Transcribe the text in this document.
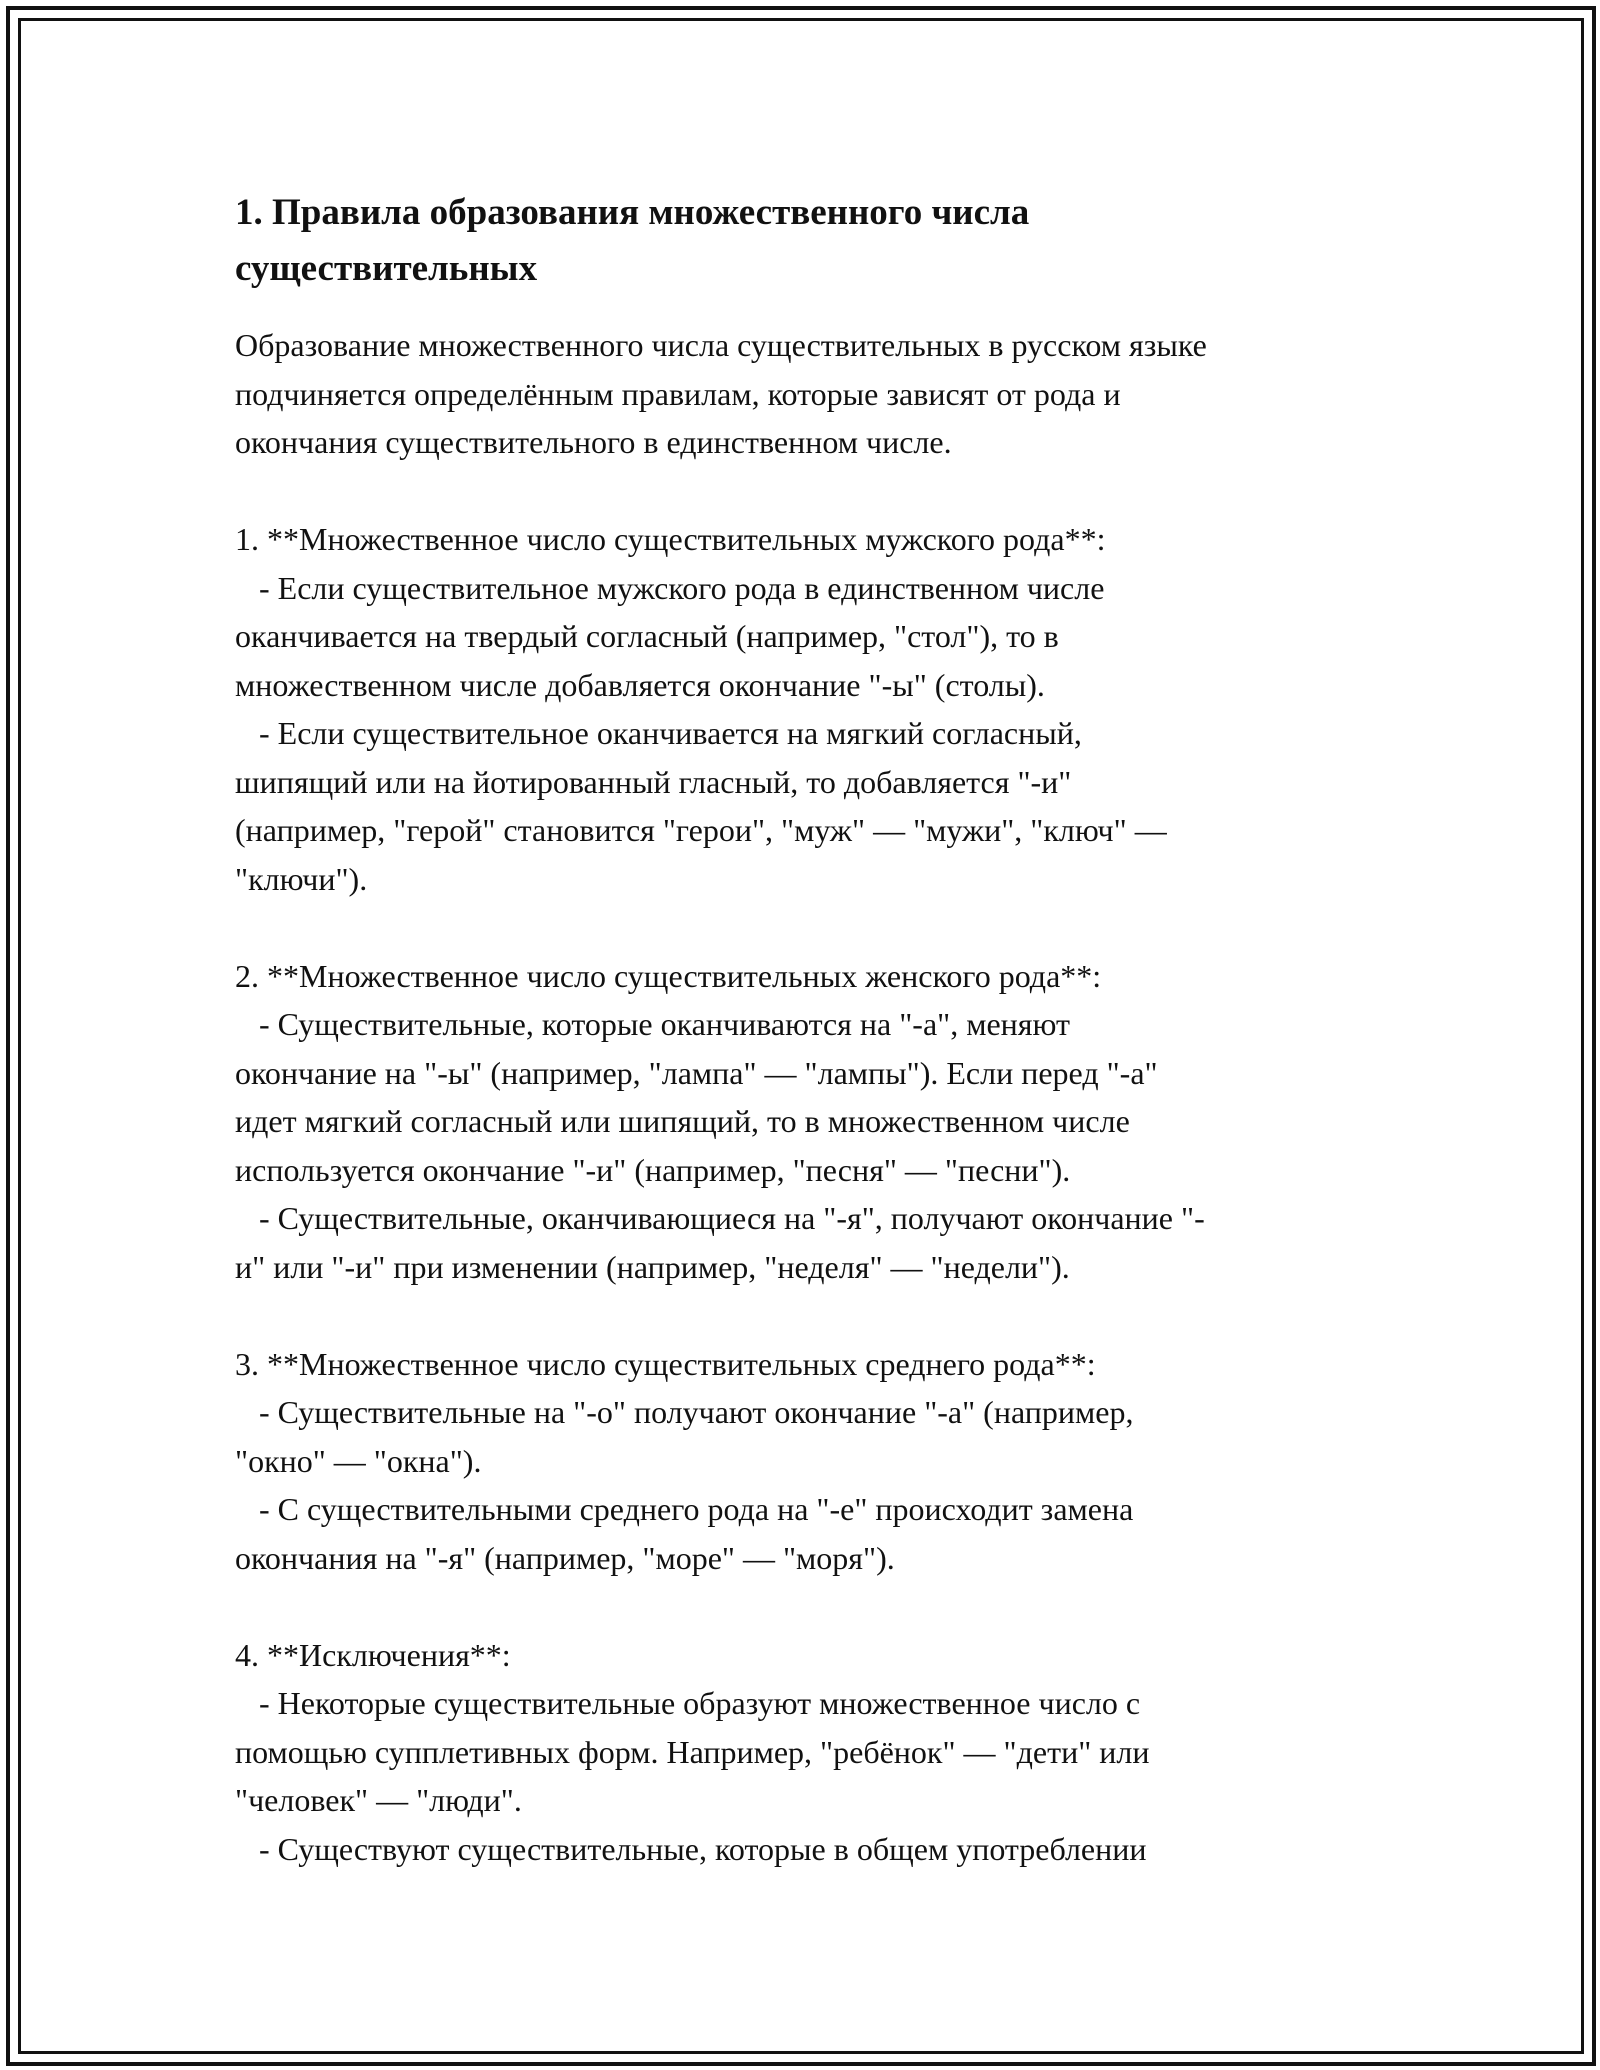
1. Правила образования множественного числа
существительных
Образование множественного числа существительных в русском языке
подчиняется определённым правилам, которые зависят от рода и
окончания существительного в единственном числе.
1. **Множественное число существительных мужского рода**:
- Если существительное мужского рода в единственном числе
оканчивается на твердый согласный (например, "стол"), то в
множественном числе добавляется окончание "-ы" (столы).
- Если существительное оканчивается на мягкий согласный,
шипящий или на йотированный гласный, то добавляется "-и"
(например, "герой" становится "герои", "муж" — "мужи", "ключ" —
"ключи").
2. **Множественное число существительных женского рода**:
- Существительные, которые оканчиваются на "-а", меняют
окончание на "-ы" (например, "лампа" — "лампы"). Если перед "-а"
идет мягкий согласный или шипящий, то в множественном числе
используется окончание "-и" (например, "песня" — "песни").
- Существительные, оканчивающиеся на "-я", получают окончание "-
и" или "-и" при изменении (например, "неделя" — "недели").
3. **Множественное число существительных среднего рода**:
- Существительные на "-о" получают окончание "-а" (например,
"окно" — "окна").
- С существительными среднего рода на "-е" происходит замена
окончания на "-я" (например, "море" — "моря").
4. **Исключения**:
- Некоторые существительные образуют множественное число с
помощью супплетивных форм. Например, "ребёнок" — "дети" или
"человек" — "люди".
- Существуют существительные, которые в общем употреблении
